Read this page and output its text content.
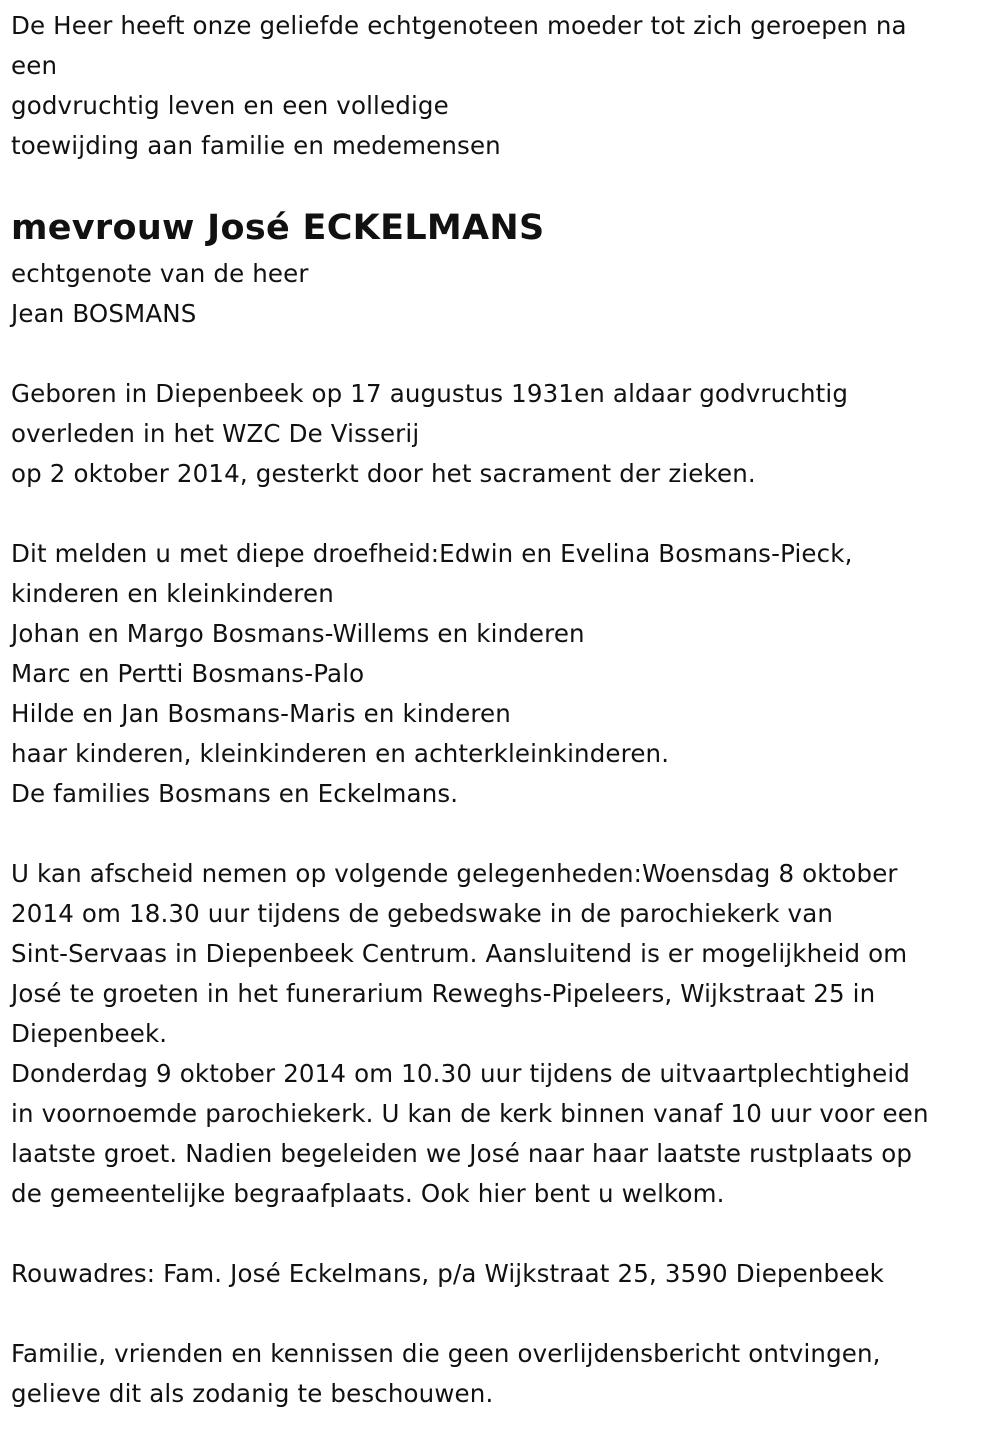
De Heer heeft onze geliefde echtgenoteen moeder tot zich geroepen na
een
godvruchtig leven en een volledige
toewijding aan familie en medemensen
mevrouw José ECKELMANS
echtgenote van de heer
Jean BOSMANS
Geboren in Diepenbeek op 17 augustus 1931en aldaar godvruchtig
overleden in het WZC De Visserij
op 2 oktober 2014, gesterkt door het sacrament der zieken.
Dit melden u met diepe droefheid:Edwin en Evelina Bosmans-Pieck,
kinderen en kleinkinderen
Johan en Margo Bosmans-Willems en kinderen
Marc en Pertti Bosmans-Palo
Hilde en Jan Bosmans-Maris en kinderen
haar kinderen, kleinkinderen en achterkleinkinderen.
De families Bosmans en Eckelmans.
U kan afscheid nemen op volgende gelegenheden:Woensdag 8 oktober
2014 om 18.30 uur tijdens de gebedswake in de parochiekerk van
Sint-Servaas in Diepenbeek Centrum. Aansluitend is er mogelijkheid om
José te groeten in het funerarium Reweghs-Pipeleers, Wijkstraat 25 in
Diepenbeek.
Donderdag 9 oktober 2014 om 10.30 uur tijdens de uitvaartplechtigheid
in voornoemde parochiekerk. U kan de kerk binnen vanaf 10 uur voor een
laatste groet. Nadien begeleiden we José naar haar laatste rustplaats op
de gemeentelijke begraafplaats. Ook hier bent u welkom.
Rouwadres: Fam. José Eckelmans, p/a Wijkstraat 25, 3590 Diepenbeek
Familie, vrienden en kennissen die geen overlijdensbericht ontvingen,
gelieve dit als zodanig te beschouwen.
